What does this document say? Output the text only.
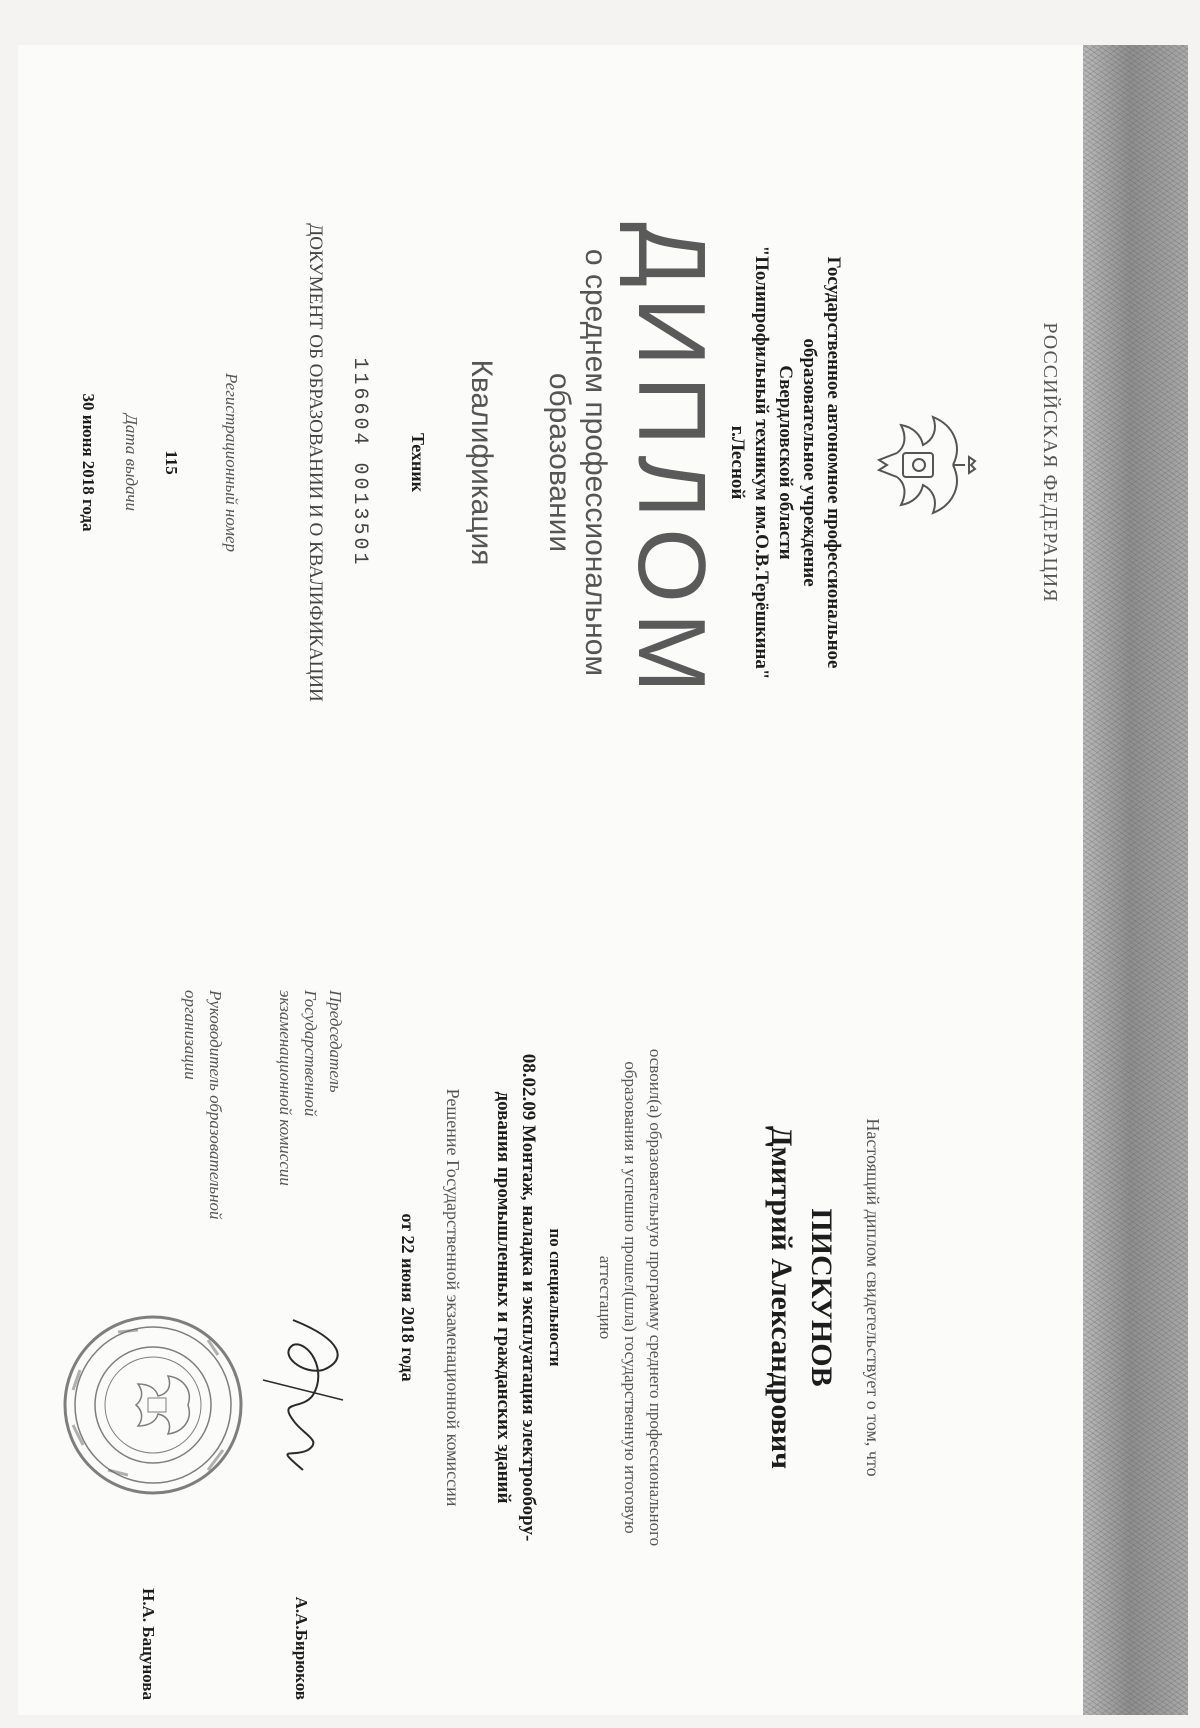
РОССИЙСКАЯ ФЕДЕРАЦИЯ
Государственное автономное профессиональное
образовательное учреждение
Свердловской области
"Полипрофильный техникум им.О.В.Терёшкина"
г.Лесной
ДИПЛОМ
о среднем профессиональном
образовании
Квалификация
Техник
116604 0013501
ДОКУМЕНТ ОБ ОБРАЗОВАНИИ И О КВАЛИФИКАЦИИ
Регистрационный номер
115
Дата выдачи
30 июня 2018 года
Настоящий диплом свидетельствует о том, что
ПИСКУНОВ
Дмитрий Александрович
освоил(а) образовательную программу среднего профессионального
образования и успешно прошел(шла) государственную итоговую
аттестацию
по специальности
08.02.09 Монтаж, наладка и эксплуатация электрообору-
дования промышленных и гражданских зданий
Решение Государственной экзаменационной комиссии
от 22 июня 2018 года
Председатель
Государственной
экзаменационной комиссии
А.А.Бирюков
Руководитель образовательной
организации
Н.А. Бацунова
